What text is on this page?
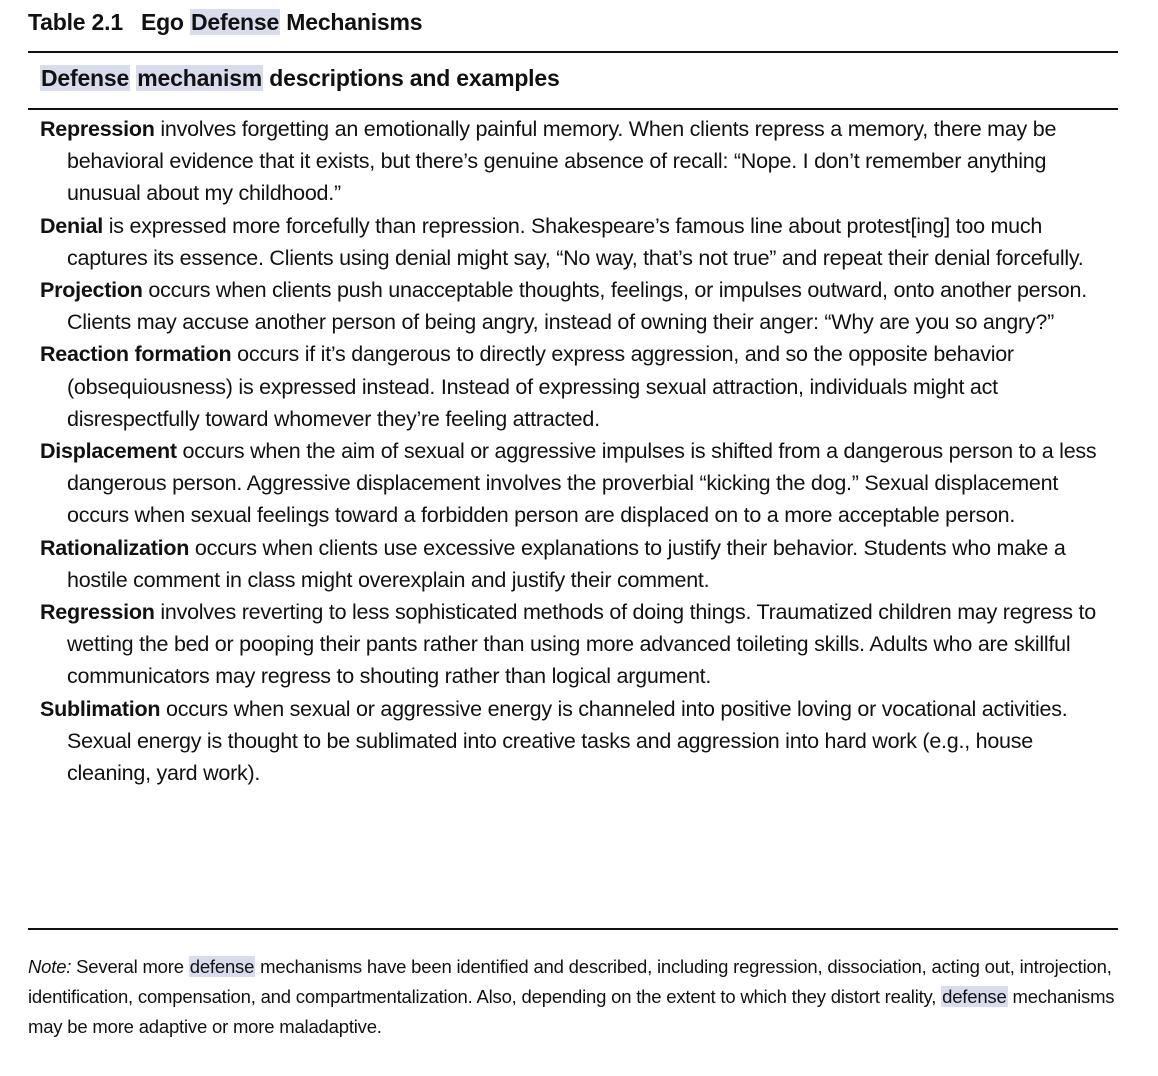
Table 2.1 Ego Defense Mechanisms
Defense mechanism descriptions and examples

Repression involves forgetting an emotionally painful memory. When clients repress a memory, there may be behavioral evidence that it exists, but there’s genuine absence of recall: “Nope. I don’t remember anything unusual about my childhood.”

Denial is expressed more forcefully than repression. Shakespeare’s famous line about protest[ing] too much captures its essence. Clients using denial might say, “No way, that’s not true” and repeat their denial forcefully.

Projection occurs when clients push unacceptable thoughts, feelings, or impulses outward, onto another person. Clients may accuse another person of being angry, instead of owning their anger: “Why are you so angry?”

Reaction formation occurs if it’s dangerous to directly express aggression, and so the opposite behavior (obsequiousness) is expressed instead. Instead of expressing sexual attraction, individuals might act disrespectfully toward whomever they’re feeling attracted.

Displacement occurs when the aim of sexual or aggressive impulses is shifted from a dangerous person to a less dangerous person. Aggressive displacement involves the proverbial “kicking the dog.” Sexual displacement occurs when sexual feelings toward a forbidden person are displaced on to a more acceptable person.

Rationalization occurs when clients use excessive explanations to justify their behavior. Students who make a hostile comment in class might overexplain and justify their comment.

Regression involves reverting to less sophisticated methods of doing things. Traumatized children may regress to wetting the bed or pooping their pants rather than using more advanced toileting skills. Adults who are skillful communicators may regress to shouting rather than logical argument.

Sublimation occurs when sexual or aggressive energy is channeled into positive loving or vocational activities. Sexual energy is thought to be sublimated into creative tasks and aggression into hard work (e.g., house cleaning, yard work).

Note: Several more defense mechanisms have been identified and described, including regression, dissociation, acting out, introjection, identification, compensation, and compartmentalization. Also, depending on the extent to which they distort reality, defense mechanisms may be more adaptive or more maladaptive.
